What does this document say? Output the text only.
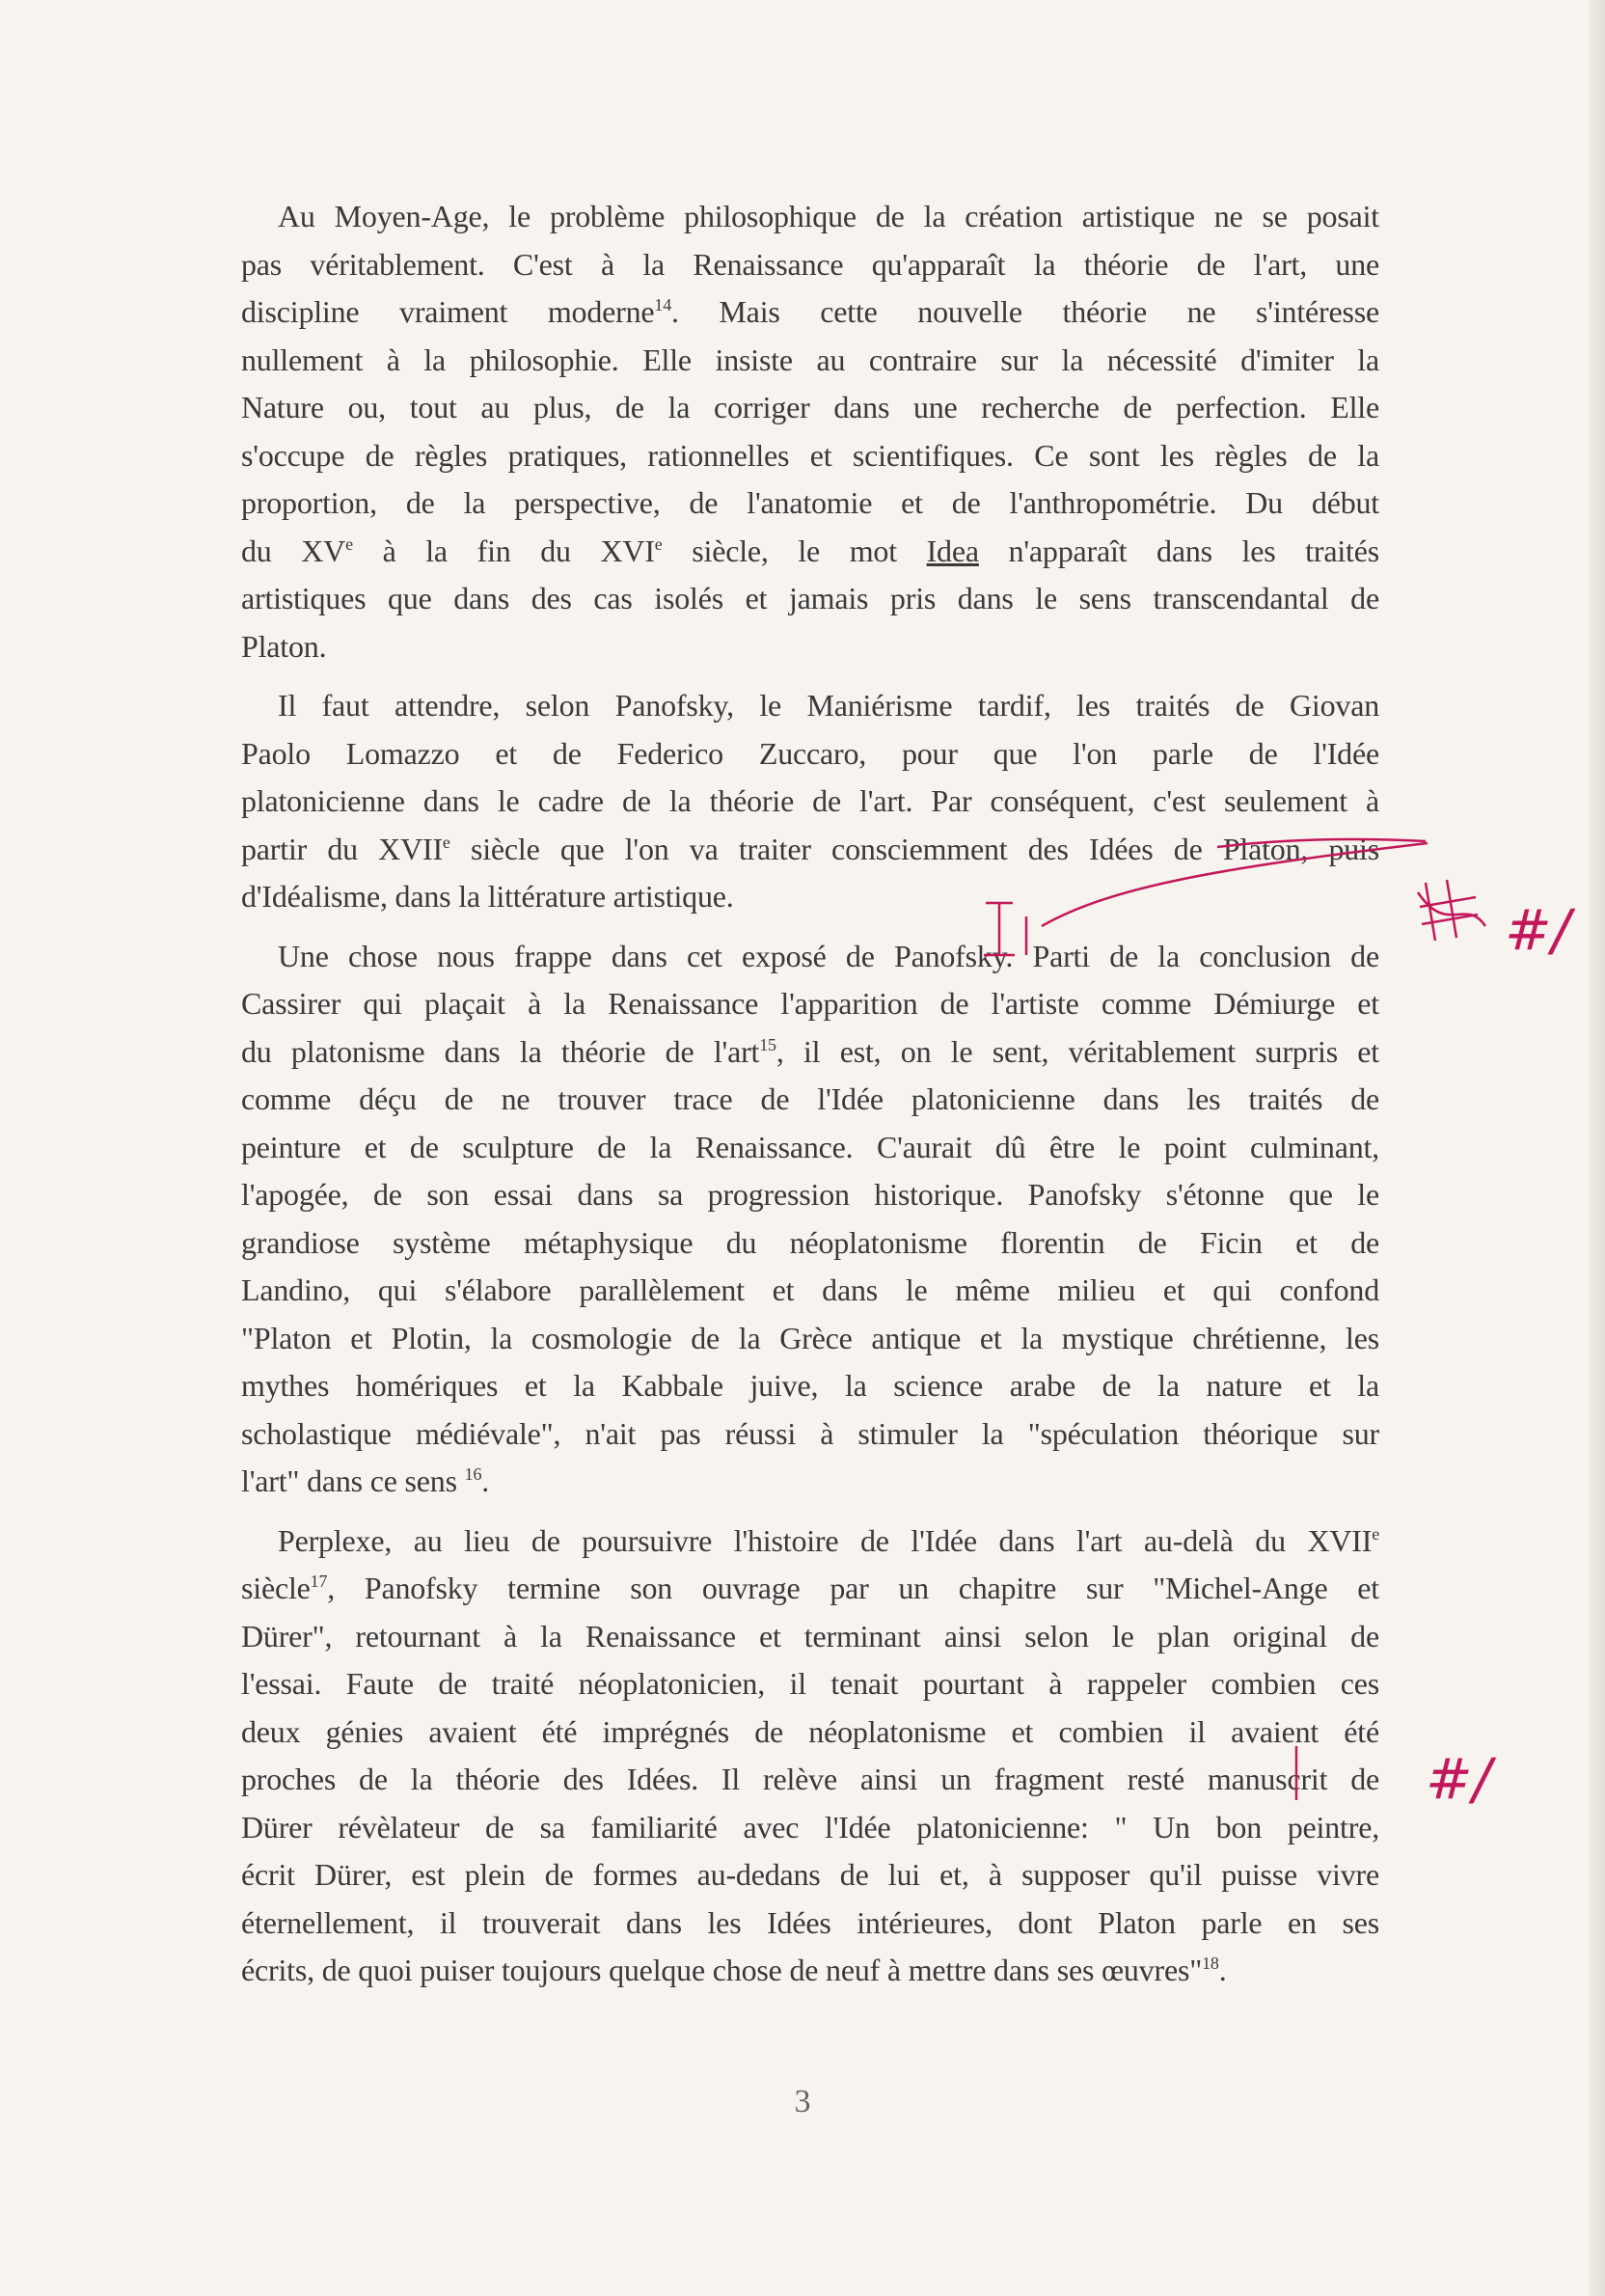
Au Moyen-Age, le problème philosophique de la création artistique ne se posait
pas véritablement. C'est à la Renaissance qu'apparaît la théorie de l'art, une
discipline vraiment moderne$^{14}$. Mais cette nouvelle théorie ne s'intéresse
nullement à la philosophie. Elle insiste au contraire sur la nécessité d'imiter la
Nature ou, tout au plus, de la corriger dans une recherche de perfection. Elle
s'occupe de règles pratiques, rationnelles et scientifiques. Ce sont les règles de la
proportion, de la perspective, de l'anatomie et de l'anthropométrie. Du début
du XVe à la fin du XVIe siècle, le mot Idea n'apparaît dans les traités
artistiques que dans des cas isolés et jamais pris dans le sens transcendantal de
Platon.

Il faut attendre, selon Panofsky, le Maniérisme tardif, les traités de Giovan
Paolo Lomazzo et de Federico Zuccaro, pour que l'on parle de l'Idée
platonicienne dans le cadre de la théorie de l'art. Par conséquent, c'est seulement à
partir du XVIIe siècle que l'on va traiter consciemment des Idées de Platon, puis
d'Idéalisme, dans la littérature artistique.

Une chose nous frappe dans cet exposé de Panofsky. Parti de la conclusion de
Cassirer qui plaçait à la Renaissance l'apparition de l'artiste comme Démiurge et
du platonisme dans la théorie de l'art$^{15}$, il est, on le sent, véritablement surpris et
comme déçu de ne trouver trace de l'Idée platonicienne dans les traités de
peinture et de sculpture de la Renaissance. C'aurait dû être le point culminant,
l'apogée, de son essai dans sa progression historique. Panofsky s'étonne que le
grandiose système métaphysique du néoplatonisme florentin de Ficin et de
Landino, qui s'élabore parallèlement et dans le même milieu et qui confond
"Platon et Plotin, la cosmologie de la Grèce antique et la mystique chrétienne, les
mythes homériques et la Kabbale juive, la science arabe de la nature et la
scholastique médiévale", n'ait pas réussi à stimuler la "spéculation théorique sur
l'art" dans ce sens $^{16}$.

Perplexe, au lieu de poursuivre l'histoire de l'Idée dans l'art au-delà du XVIIe
siècle$^{17}$, Panofsky termine son ouvrage par un chapitre sur "Michel-Ange et
Dürer", retournant à la Renaissance et terminant ainsi selon le plan original de
l'essai. Faute de traité néoplatonicien, il tenait pourtant à rappeler combien ces
deux génies avaient été imprégnés de néoplatonisme et combien il avaient été
proches de la théorie des Idées. Il relève ainsi un fragment resté manuscrit de
Dürer révèlateur de sa familiarité avec l'Idée platonicienne: " Un bon peintre,
écrit Dürer, est plein de formes au-dedans de lui et, à supposer qu'il puisse vivre
éternellement, il trouverait dans les Idées intérieures, dont Platon parle en ses
écrits, de quoi puiser toujours quelque chose de neuf à mettre dans ses œuvres"$^{18}$.

#/
#/
3
